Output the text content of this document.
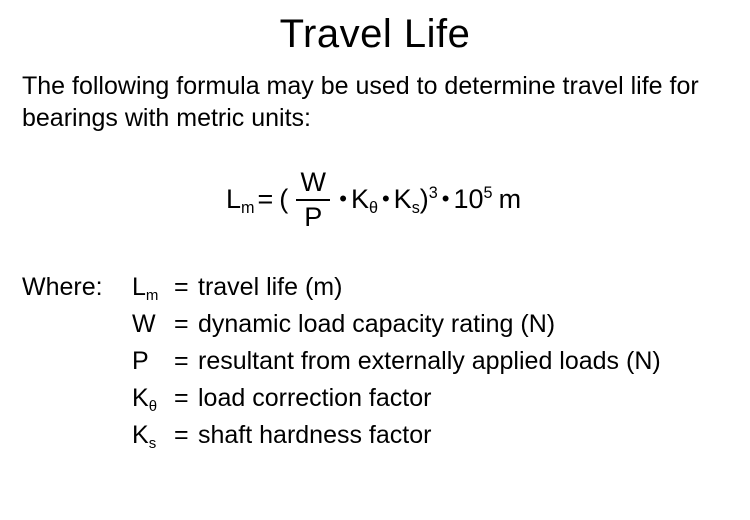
Travel Life

The following formula may be used to determine travel life for bearings with metric units:

$L_m$ = ( $\frac{W}{P}$ • $K_\theta$ • $K_s$ )$^3$ • $10^5$ m
Where:	$L_m$ = travel life (m)
W = dynamic load capacity rating (N)
P	= resultant from externally applied loads (N)
$K_\theta$ = load correction factor
$K_s$ = shaft hardness factor
